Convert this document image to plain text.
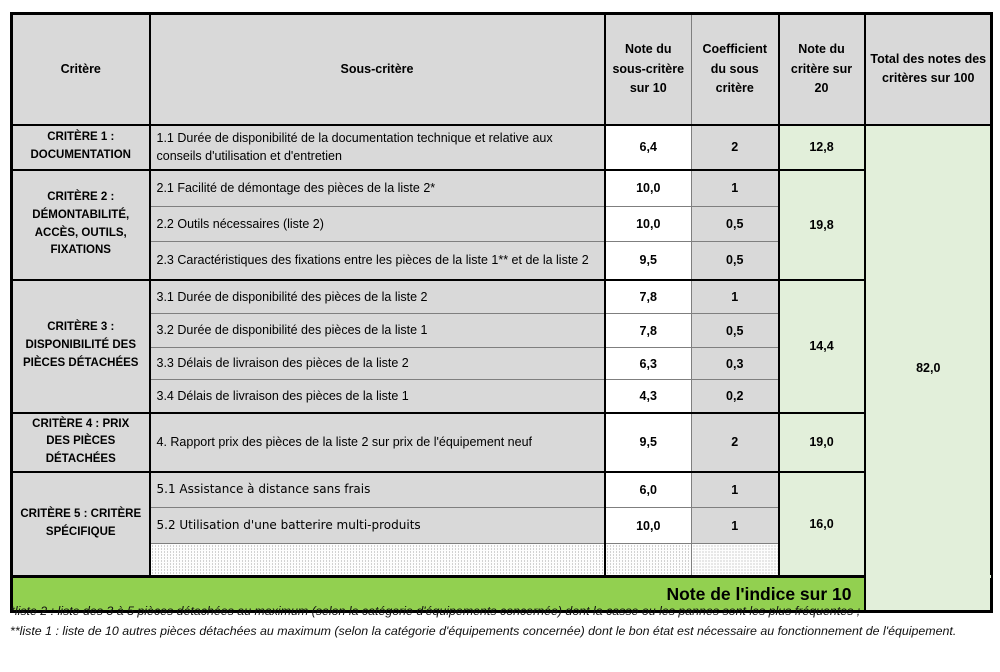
Critère	Sous-critère	Note du sous-critère sur 10	Coefficient du sous critère	Note du critère sur 20	Total des notes des critères sur 100	
CRITÈRE 1 : DOCUMENTATION	1.1 Durée de disponibilité de la documentation technique et relative aux conseils d'utilisation et d'entretien	6,4	2	12,8	82,0	
CRITÈRE 2 : DÉMONTABILITÉ, ACCÈS, OUTILS, FIXATIONS	2.1 Facilité de démontage des pièces de la liste 2*	10,0	1	19,8		
	2.2 Outils nécessaires (liste 2)	10,0	0,5			
	2.3 Caractéristiques des fixations entre les pièces de la liste 1** et de la liste 2	9,5	0,5			
CRITÈRE 3 : DISPONIBILITÉ DES PIÈCES DÉTACHÉES	3.1 Durée de disponibilité des pièces de la liste 2	7,8	1	14,4		
	3.2 Durée de disponibilité des pièces de la liste 1	7,8	0,5			
	3.3 Délais de livraison des pièces de la liste 2	6,3	0,3			
	3.4 Délais de livraison des pièces de la liste 1	4,3	0,2			
CRITÈRE 4 : PRIX DES PIÈCES DÉTACHÉES	4. Rapport prix des pièces de la liste 2 sur prix de l'équipement neuf	9,5	2	19,0		
CRITÈRE 5 : CRITÈRE SPÉCIFIQUE	5.1 Assistance à distance sans frais	6,0	1	16,0		
	5.2 Utilisation d'une batterire multi-produits	10,0	1			

Note de l'indice sur 10	

*liste 2 : liste des 3 à 5 pièces détachées au maximum (selon la catégorie d'équipements concernée) dont la casse ou les pannes sont les plus fréquentes ;

**liste 1 : liste de 10 autres pièces détachées au maximum (selon la catégorie d'équipements concernée) dont le bon état est nécessaire au fonctionnement de l'équipement.
